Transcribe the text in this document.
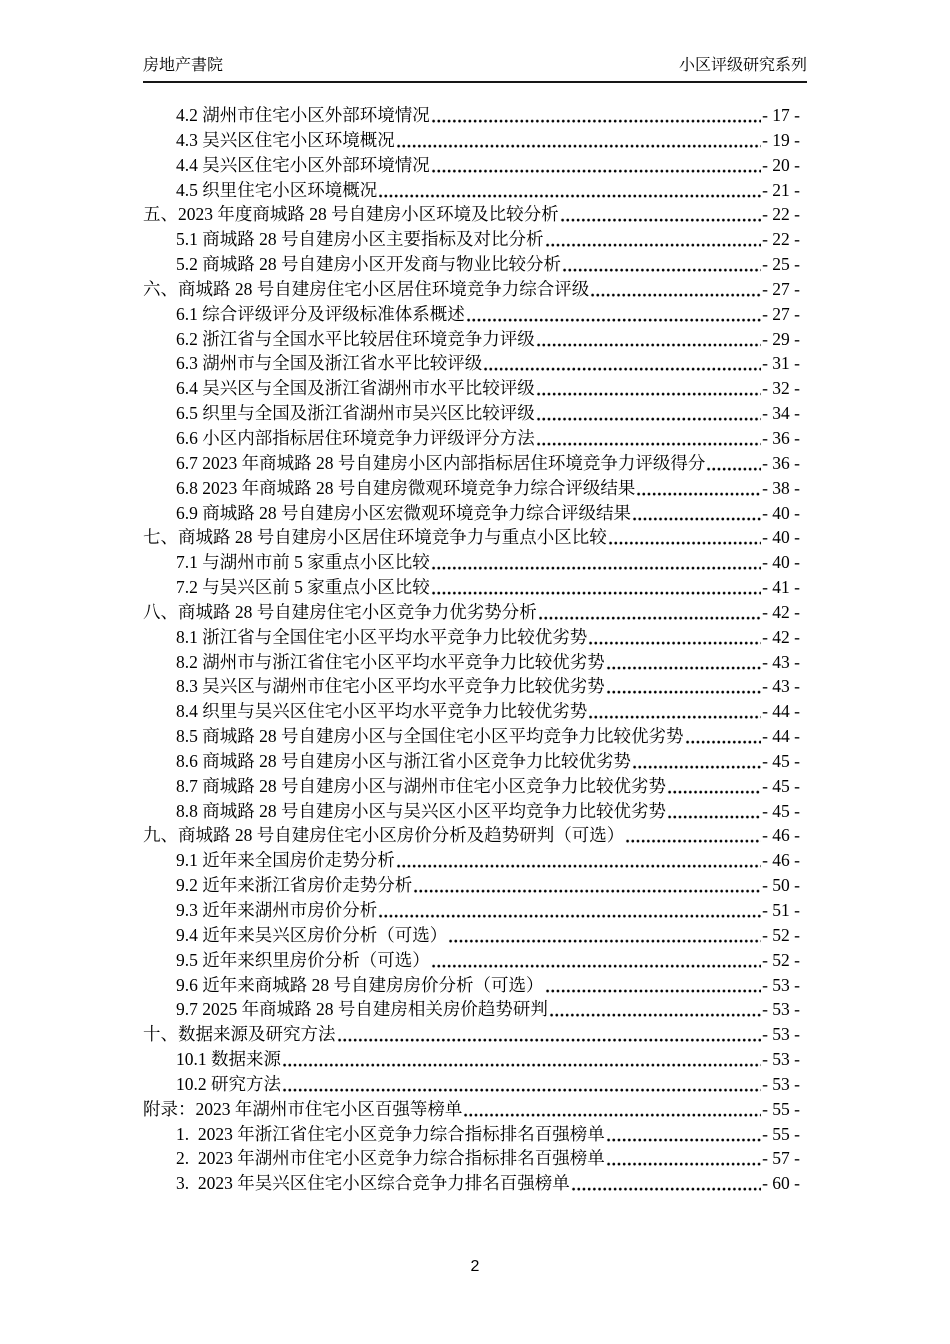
房地产書院	小区评级研究系列
4.2 湖州市住宅小区外部环境情况	- 17 -
4.3 吴兴区住宅小区环境概况	- 19 -
4.4 吴兴区住宅小区外部环境情况	- 20 -
4.5 织里住宅小区环境概况	- 21 -
五、2023 年度商城路 28 号自建房小区环境及比较分析	- 22 -
5.1 商城路 28 号自建房小区主要指标及对比分析	- 22 -
5.2 商城路 28 号自建房小区开发商与物业比较分析	- 25 -
六、商城路 28 号自建房住宅小区居住环境竞争力综合评级	- 27 -
6.1 综合评级评分及评级标准体系概述	- 27 -
6.2 浙江省与全国水平比较居住环境竞争力评级	- 29 -
6.3 湖州市与全国及浙江省水平比较评级	- 31 -
6.4 吴兴区与全国及浙江省湖州市水平比较评级	- 32 -
6.5 织里与全国及浙江省湖州市吴兴区比较评级	- 34 -
6.6 小区内部指标居住环境竞争力评级评分方法	- 36 -
6.7 2023 年商城路 28 号自建房小区内部指标居住环境竞争力评级得分	- 36 -
6.8 2023 年商城路 28 号自建房微观环境竞争力综合评级结果	- 38 -
6.9 商城路 28 号自建房小区宏微观环境竞争力综合评级结果	- 40 -
七、商城路 28 号自建房小区居住环境竞争力与重点小区比较	- 40 -
7.1 与湖州市前 5 家重点小区比较	- 40 -
7.2 与吴兴区前 5 家重点小区比较	- 41 -
八、商城路 28 号自建房住宅小区竞争力优劣势分析	- 42 -
8.1 浙江省与全国住宅小区平均水平竞争力比较优劣势	- 42 -
8.2 湖州市与浙江省住宅小区平均水平竞争力比较优劣势	- 43 -
8.3 吴兴区与湖州市住宅小区平均水平竞争力比较优劣势	- 43 -
8.4 织里与吴兴区住宅小区平均水平竞争力比较优劣势	- 44 -
8.5 商城路 28 号自建房小区与全国住宅小区平均竞争力比较优劣势	- 44 -
8.6 商城路 28 号自建房小区与浙江省小区竞争力比较优劣势	- 45 -
8.7 商城路 28 号自建房小区与湖州市住宅小区竞争力比较优劣势	- 45 -
8.8 商城路 28 号自建房小区与吴兴区小区平均竞争力比较优劣势	- 45 -
九、商城路 28 号自建房住宅小区房价分析及趋势研判（可选）	- 46 -
9.1 近年来全国房价走势分析	- 46 -
9.2 近年来浙江省房价走势分析	- 50 -
9.3 近年来湖州市房价分析	- 51 -
9.4 近年来吴兴区房价分析（可选）	- 52 -
9.5 近年来织里房价分析（可选）	- 52 -
9.6 近年来商城路 28 号自建房房价分析（可选）	- 53 -
9.7 2025 年商城路 28 号自建房相关房价趋势研判	- 53 -
十、数据来源及研究方法	- 53 -
10.1 数据来源	- 53 -
10.2 研究方法	- 53 -
附录：2023 年湖州市住宅小区百强等榜单	- 55 -
1.  2023 年浙江省住宅小区竞争力综合指标排名百强榜单	- 55 -
2.  2023 年湖州市住宅小区竞争力综合指标排名百强榜单	- 57 -
3.  2023 年吴兴区住宅小区综合竞争力排名百强榜单	- 60 -
2
